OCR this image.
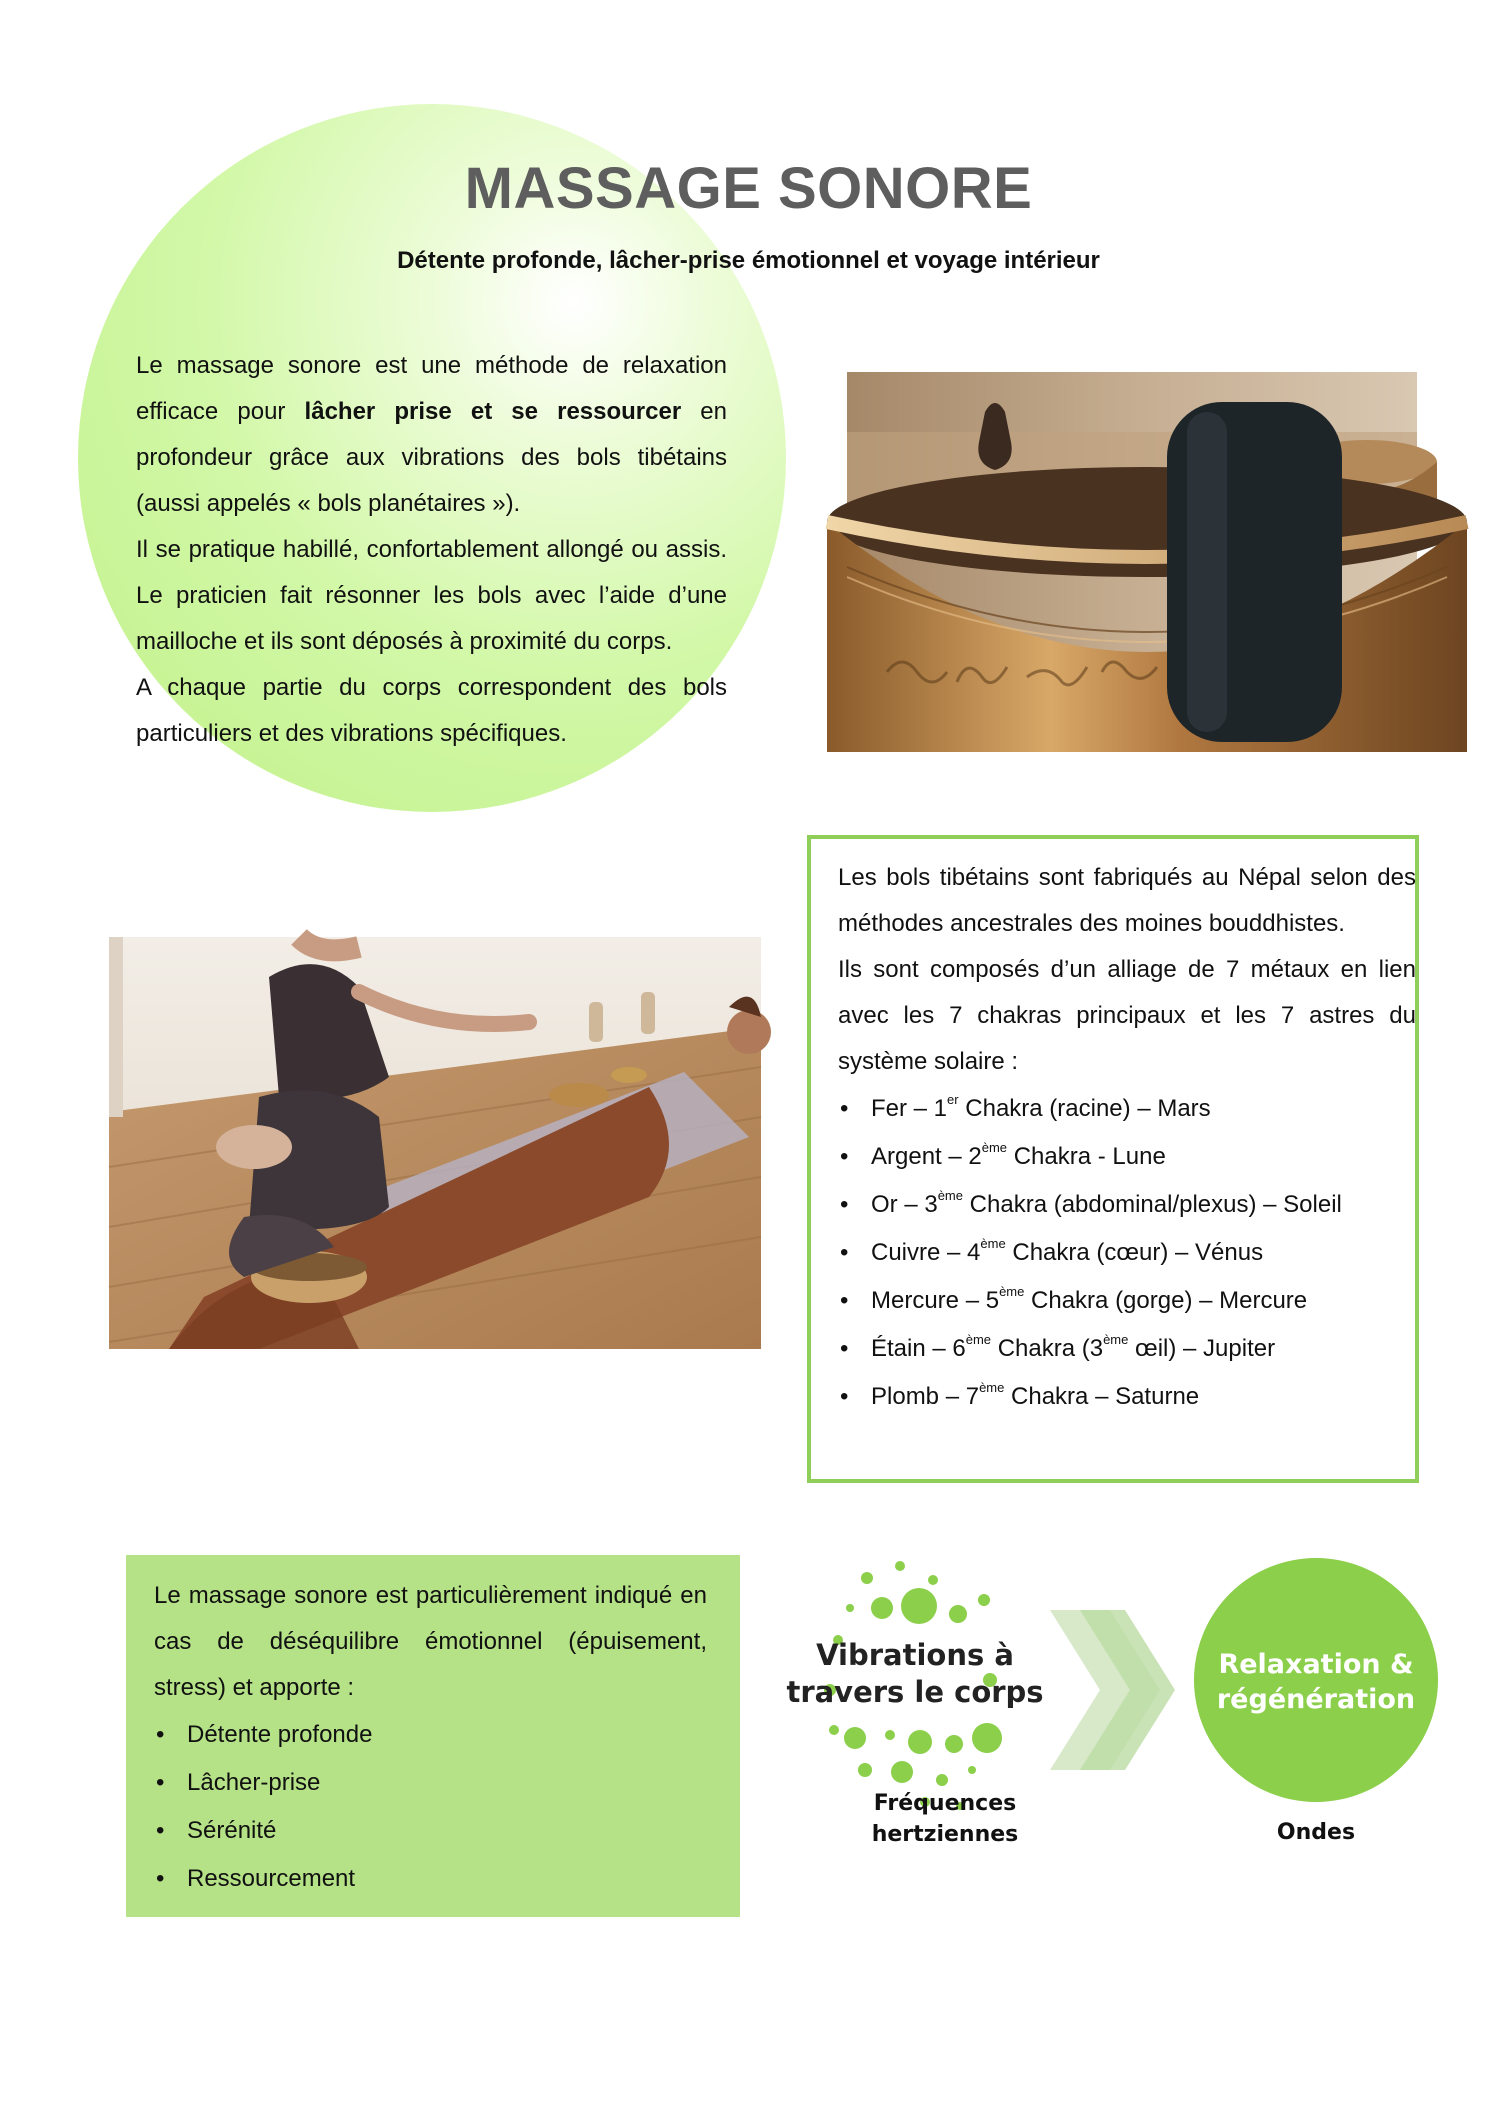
MASSAGE SONORE
Détente profonde, lâcher-prise émotionnel et voyage intérieur

Le massage sonore est une méthode de relaxation efficace pour lâcher prise et se ressourcer en profondeur grâce aux vibrations des bols tibétains (aussi appelés « bols planétaires »).

Il se pratique habillé, confortablement allongé ou assis. Le praticien fait résonner les bols avec l’aide d’une mailloche et ils sont déposés à proximité du corps.

A chaque partie du corps correspondent des bols particuliers et des vibrations spécifiques.

Les bols tibétains sont fabriqués au Népal selon des méthodes ancestrales des moines bouddhistes.

Ils sont composés d’un alliage de 7 métaux en lien avec les 7 chakras principaux et les 7 astres du système solaire :

• Fer – 1er Chakra (racine) – Mars
• Argent – 2ème Chakra - Lune
• Or – 3ème Chakra (abdominal/plexus) – Soleil
• Cuivre – 4ème Chakra (cœur) – Vénus
• Mercure – 5ème Chakra (gorge) – Mercure
• Étain – 6ème Chakra (3ème œil) – Jupiter
• Plomb – 7ème Chakra – Saturne

Le massage sonore est particulièrement indiqué en cas de déséquilibre émotionnel (épuisement, stress) et apporte :

• Détente profonde
• Lâcher-prise
• Sérénité
• Ressourcement
Vibrations à
travers le corps
Relaxation &
régénération
Fréquences
hertziennes	Ondes
